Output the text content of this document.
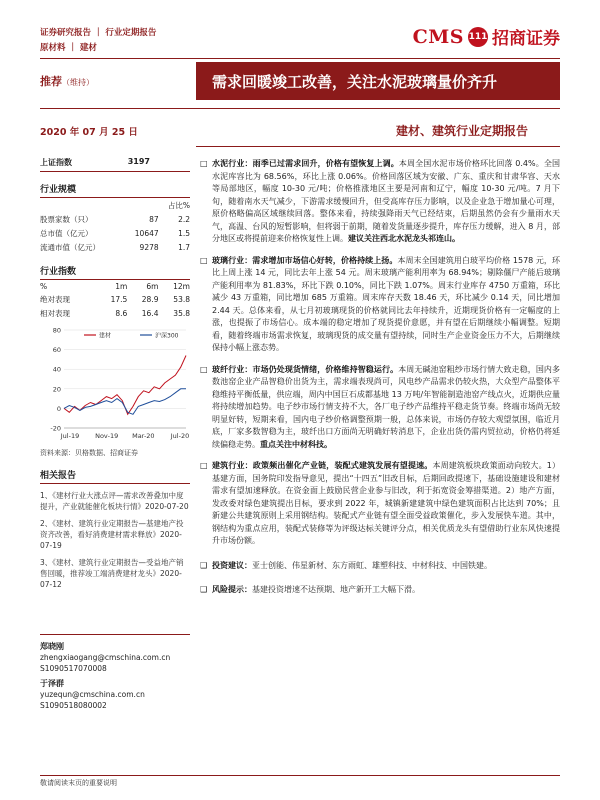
证券研究报告 ｜ 行业定期报告
原材料 ｜ 建材
CMS 111 招商证券
推荐（维持）	需求回暖竣工改善，关注水泥玻璃量价齐升
2020 年 07 月 25 日	建材、建筑行业定期报告
上证指数	3197
行业规模
		占比%
股票家数（只）	87	2.2
总市值（亿元）	10647	1.5
流通市值（亿元）	9278	1.7
行业指数
%	1m	6m	12m
绝对表现	17.5	28.9	53.8
相对表现	8.6	16.4	35.8
-20
0
20
40
60
80
Jul-19 Nov-19 Mar-20 Jul-20
建材	沪深300
资料来源：贝格数据、招商证券
相关报告

1、《建材行业大涨点评—需求改善叠加中度提升，产业就能催化板块行情》2020-07-20

2、《建材、建筑行业定期报告—基建地产投资齐改善，看好消费建材需求释放》2020-07-19

3、《建材、建筑行业定期报告—受益地产销售回暖，推荐竣工端消费建材龙头》2020-07-12

郑晓刚
zhengxiaogang@cmschina.com.cn
S1090517070008
于泽群
yuzequn@cmschina.com.cn
S1090518080002
□ 水泥行业：雨季已过需求回升，价格有望恢复上调。本周全国水泥市场价格环比回落 0.4%。全国水泥库容比为 68.56%，环比上涨 0.06%。价格回落区域为安徽、广东、重庆和甘肃华容、天水等局部地区，幅度 10-30 元/吨；价格推涨地区主要是河南和辽宁，幅度 10-30 元/吨。7 月下旬，随着南水天气减少，下游需求缓慢回升，但受高库存压力影响，以及企业急于增加量心可理，原价格略偏高区域继续回落。整体来看，持续强降雨天气已经结束，后期虽然仍会有少量雨水天气，高温、台风的短暂影响，但将弱于前期，随着发货量逐步提升，库存压力缓解，进入 8 月，部分地区或将提前迎来价格恢复性上调。建议关注西北水泥龙头祁连山。
□ 玻璃行业：需求增加市场信心好转，价格持续上扬。本周末全国建筑用白玻平均价格 1578 元，环比上周上涨 14 元，同比去年上涨 54 元。周末玻璃产能利用率为 68.94%；剔除僵尸产能后玻璃产能利用率为 81.83%，环比下跌 0.10%，同比下跌 1.07%。周末行业库存 4750 万重箱，环比减少 43 万重箱，同比增加 685 万重箱。周末库存天数 18.46 天，环比减少 0.14 天，同比增加 2.44 天。总体来看，从七月初玻璃现货的价格就同比去年持续升，近期现货价格有一定幅度的上涨，也提振了市场信心。成本端的稳定增加了现货提价意愿，并有望在后期继续小幅调整。短期看，随着终端市场需求恢复，玻璃现货的成交量有望持续，同时生产企业资金压力不大，后期继续保持小幅上涨态势。
□ 玻纤行业：市场仍处现货情绪，价格维持智稳运行。本周无碱池窑粗纱市场行情大致走稳，国内多数池窑企业产品智稳价出货为主，需求端表现尚可，风电纱产品需求仍较火热，大众型产品整体平稳维持平衡低量，供应端，周内中国巨石成都基地 13 万吨/年智能制造池窑产线点火，近期供应量将持续增加趋势。电子纱市场行情支持不大，各厂电子纱产品维持平稳走货节奏。终端市场尚无较明显好转，短期来看，国内电子纱价格调整预期一般，总体来说，市场仍存较大观望氛围，临近月底，厂家多数智稳为主，玻纤出口方面尚无明确好转消息下，企业出货仍需内贸拉动，价格仍将延续偏稳走势。重点关注中材科技。
□ 建筑行业：政策频出催化产业链，装配式建筑发展有望提速。本周建筑板块政策面动向较大。1）基建方面，国务院印发指导意见，提出“十四五”旧改目标，后期回政提速下，基础设施建设和建材需求有望加速释放。在资金面上鼓励民营企业参与旧改，利于拓宽资金筹措渠道。2）地产方面，发改委对绿色建筑提出目标，要求到 2022 年，城镇新建建筑中绿色建筑面积占比达到 70%；且新建公共建筑原则上采用钢结构。装配式产业链有望全面受益政策催化，步入发展快车道。其中，钢结构为重点应用，装配式装修等为评级达标关键评分点，相关优质龙头有望借助行业东风快速提升市场份额。
❑ 投资建议：亚士创能、伟星新材、东方雨虹、雄塑科技、中材科技、中国铁建。
❑ 风险提示：基建投资增速不达预期、地产新开工大幅下滑。
敬请阅读末页的重要说明
